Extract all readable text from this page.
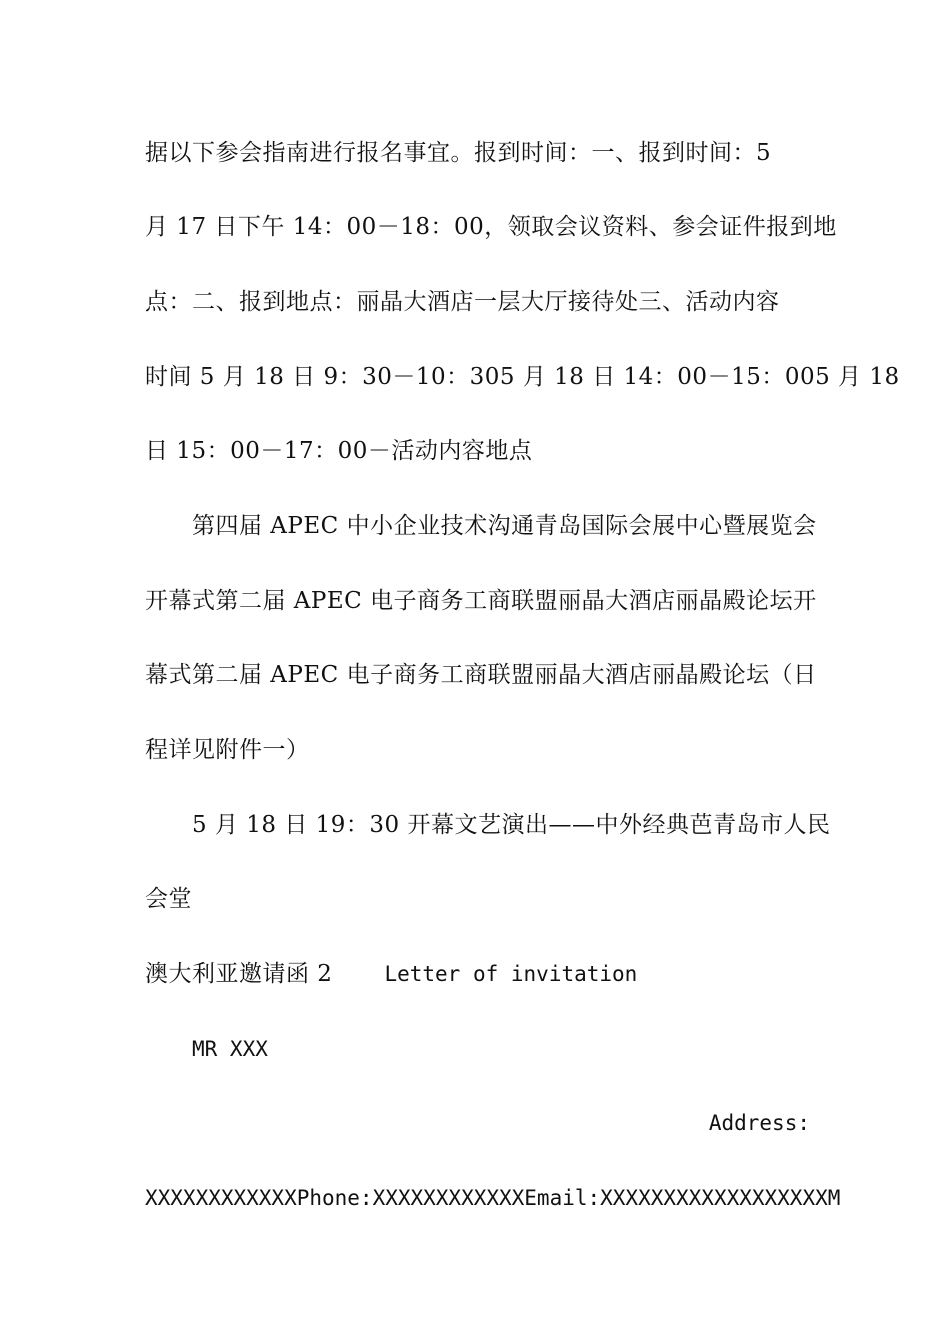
据以下参会指南进行报名事宜。报到时间：一、报到时间：5
月 17 日下午 14：00－18：00，领取会议资料、参会证件报到地
点：二、报到地点：丽晶大酒店一层大厅接待处三、活动内容
时间 5 月 18 日 9：30－10：305 月 18 日 14：00－15：005 月 18
日 15：00－17：00－活动内容地点
第四届 APEC 中小企业技术沟通青岛国际会展中心暨展览会
开幕式第二届 APEC 电子商务工商联盟丽晶大酒店丽晶殿论坛开
幕式第二届 APEC 电子商务工商联盟丽晶大酒店丽晶殿论坛（日
程详见附件一）
5 月 18 日 19：30 开幕文艺演出——中外经典芭青岛市人民
会堂
澳大利亚邀请函 2 Letter of invitation
MR XXX
Address:
XXXXXXXXXXXXPhone:XXXXXXXXXXXXEmail:XXXXXXXXXXXXXXXXXXM
